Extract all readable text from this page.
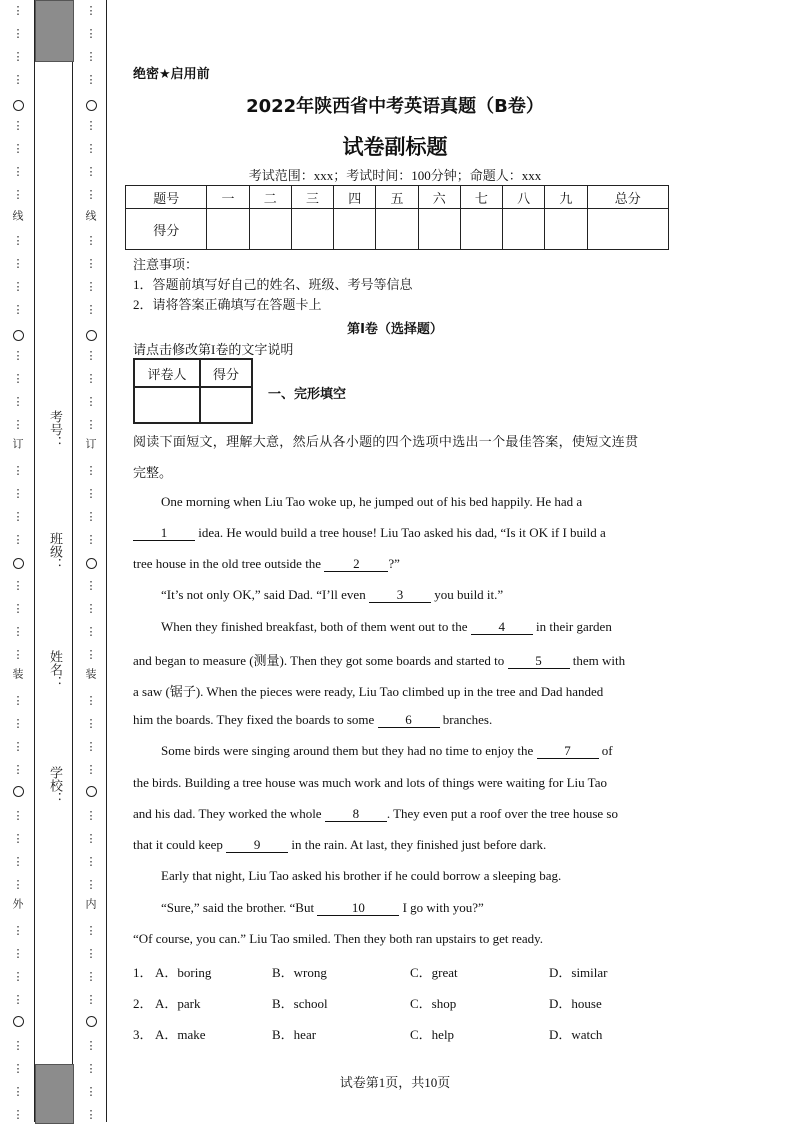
⋮
⋮
⋮
⋮
⋮
⋮
⋮
⋮
⋮
⋮
⋮
⋮
⋮
⋮
⋮
⋮
⋮
⋮
⋮
⋮
⋮
⋮
⋮
⋮
⋮
⋮
⋮
⋮
⋮
⋮
⋮
⋮
⋮
⋮
⋮
⋮
⋮
⋮
⋮
⋮
⋮
⋮
⋮
⋮
⋮
⋮
⋮
⋮
⋮
⋮
⋮
⋮
⋮
⋮
⋮
⋮
⋮
⋮
⋮
⋮
⋮
⋮
⋮
⋮
⋮
⋮
⋮
⋮
⋮
⋮
⋮
⋮
⋮
⋮
⋮
⋮
⋮
⋮
⋮
⋮
线
订
装
外
线
订
装
内
考号：
班级：
姓名：
学校：
绝密★启用前
2022年陕西省中考英语真题（B卷）
试卷副标题
考试范围：xxx；考试时间：100分钟；命题人：xxx
题号	一	二	三	四	五	六	七	八	九	总分
得分										
注意事项：
1．答题前填写好自己的姓名、班级、考号等信息
2．请将答案正确填写在答题卡上
第I卷（选择题）
请点击修改第I卷的文字说明
评卷人	得分

一、完形填空
阅读下面短文，理解大意，然后从各小题的四个选项中选出一个最佳答案，使短文连贯
完整。
One morning when Liu Tao woke up, he jumped out of his bed happily. He had a
1 idea. He would build a tree house! Liu Tao asked his dad, “Is it OK if I build a
tree house in the old tree outside the 2 ?”
“It’s not only OK,” said Dad. “I’ll even 3 you build it.”
When they finished breakfast, both of them went out to the 4 in their garden
and began to measure (测量). Then they got some boards and started to 5 them with
a saw (锯子). When the pieces were ready, Liu Tao climbed up in the tree and Dad handed
him the boards. They fixed the boards to some 6 branches.
Some birds were singing around them but they had no time to enjoy the 7 of
the birds. Building a tree house was much work and lots of things were waiting for Liu Tao
and his dad. They worked the whole 8 . They even put a roof over the tree house so
that it could keep 9 in the rain. At last, they finished just before dark.
Early that night, Liu Tao asked his brother if he could borrow a sleeping bag.
“Sure,” said the brother. “But	10	I go with you?”
“Of course, you can.” Liu Tao smiled. Then they both ran upstairs to get ready.
1． A．boring	B．wrong	C．great	D．similar
2． A．park	B．school	C．shop	D．house
3． A．make	B．hear	C．help	D．watch
试卷第1页，共10页
